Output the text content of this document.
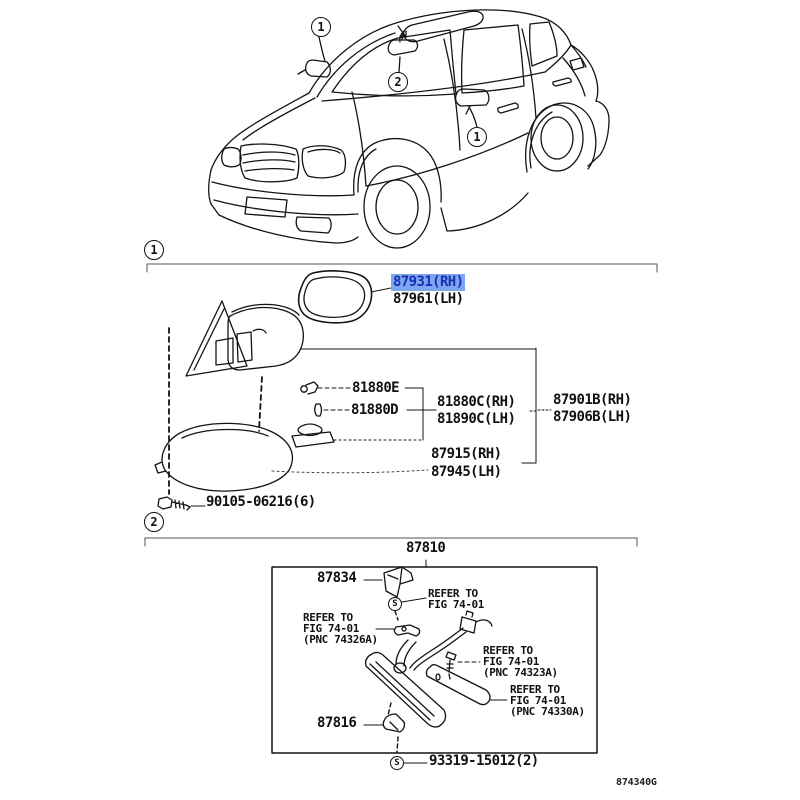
1
2
1
1
2
S
S
87931(RH)
87961(LH)
81880E
81880D	81880C(RH)
81890C(LH)
87901B(RH)
87906B(LH)
87915(RH)
87945(LH)
90105-06216(6)
87810
87834
REFER TO
FIG 74-01
REFER TO
FIG 74-01
(PNC 74326A)
REFER TO
FIG 74-01
(PNC 74323A)
REFER TO
FIG 74-01
(PNC 74330A)
87816
93319-15012(2)
874340G
